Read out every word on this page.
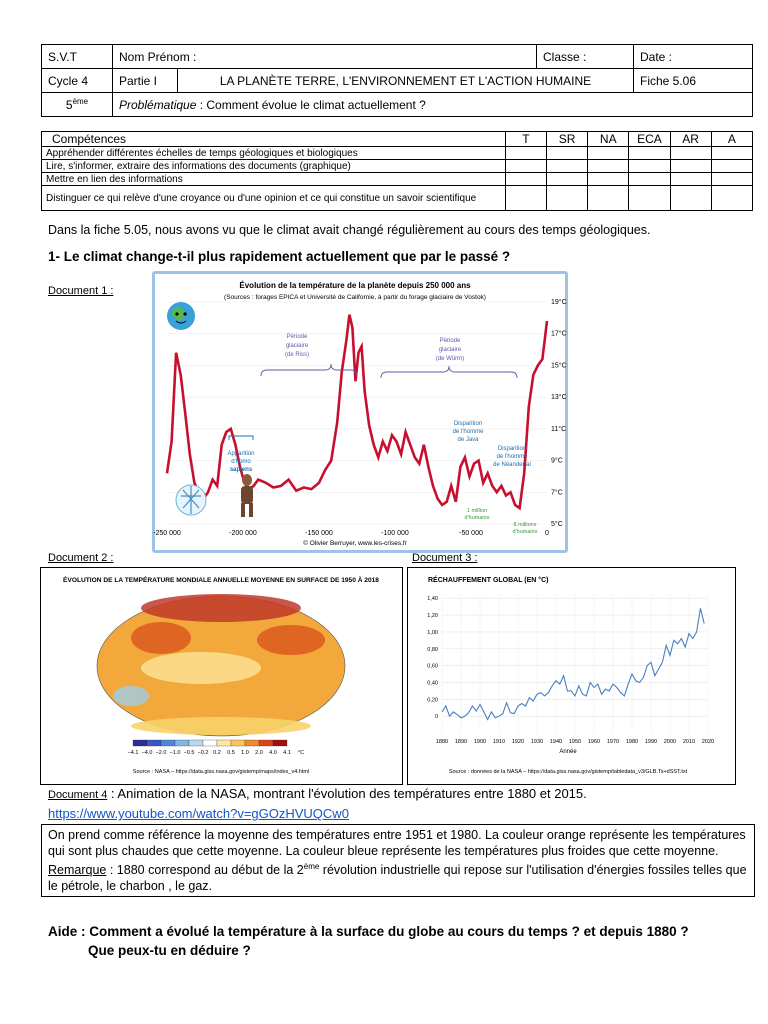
S.V.T	Nom Prénom :		Classe :	Date :
Cycle 4	Partie I	LA PLANÈTE TERRE, L'ENVIRONNEMENT ET L'ACTION HUMAINE		Fiche 5.06
5ème	Problématique : Comment évolue le climat actuellement ?			
Compétences	T	SR	NA	ECA	AR	A
Appréhender différentes échelles de temps géologiques et biologiques						
Lire, s'informer, extraire des informations des documents (graphique)						
Mettre en lien des informations						
Distinguer ce qui relève d'une croyance ou d'une opinion et ce qui constitue un savoir scientifique						
Dans la fiche 5.05, nous avons vu que le climat avait changé régulièrement au cours des temps géologiques.
1- Le climat change-t-il plus rapidement actuellement que par le passé ?
Document 1 :	Évolution de la température de la planète depuis 250 000 ans
(Sources : forages EPICA et Université de Californie, à partir du forage glaciaire de Vostok)
5°C
7°C
9°C
11°C
13°C
15°C
17°C
19°C
-250 000	-200 000	-150 000	-100 000	-50 000	0
Période
glaciaire
(de Riss)
Période
glaciaire
(de Würm)
Apparition
d'homo
sapiens
Disparition
de l'homme
de Java
Disparition
de l'homme
de Néandertal
1 million
d'humains
8 millions
d'humains
© Olivier Berruyer, www.les-crises.fr
Document 2 :
ÉVOLUTION DE LA TEMPÉRATURE MONDIALE ANNUELLE MOYENNE EN SURFACE DE 1950 À 2018
−4.1 −4.0 −2.0 −1.0 −0.5 −0.2 0.2 0.5 1.0 2.0 4.0 4.1 °C
Source : NASA – https://data.giss.nasa.gov/gistemp/maps/index_v4.html
Document 3 :
RÉCHAUFFEMENT GLOBAL (EN °C)
0
0,20
0,40
0,60
0,80
1,00
1,20
1,40
1880 1890 1900 1910 1920 1930 1940 1950 1960 1970 1980 1990 2000 2010 2020
Année
Source : données de la NASA – https://data.giss.nasa.gov/gistemp/tabledata_v3/GLB.Ts+dSST.txt
Document 4 : Animation de la NASA, montrant l'évolution des températures entre 1880 et 2015.
https://www.youtube.com/watch?v=gGOzHVUQCw0
On prend comme référence la moyenne des températures entre 1951 et 1980. La couleur orange représente les températures qui sont plus chaudes que cette moyenne. La couleur bleue représente les températures plus froides que cette moyenne.
Remarque : 1880 correspond au début de la 2ème révolution industrielle qui repose sur l'utilisation d'énergies fossiles telles que le pétrole, le charbon , le gaz.
Aide : Comment a évolué la température à la surface du globe au cours du temps ? et depuis 1880 ?
Que peux-tu en déduire ?
